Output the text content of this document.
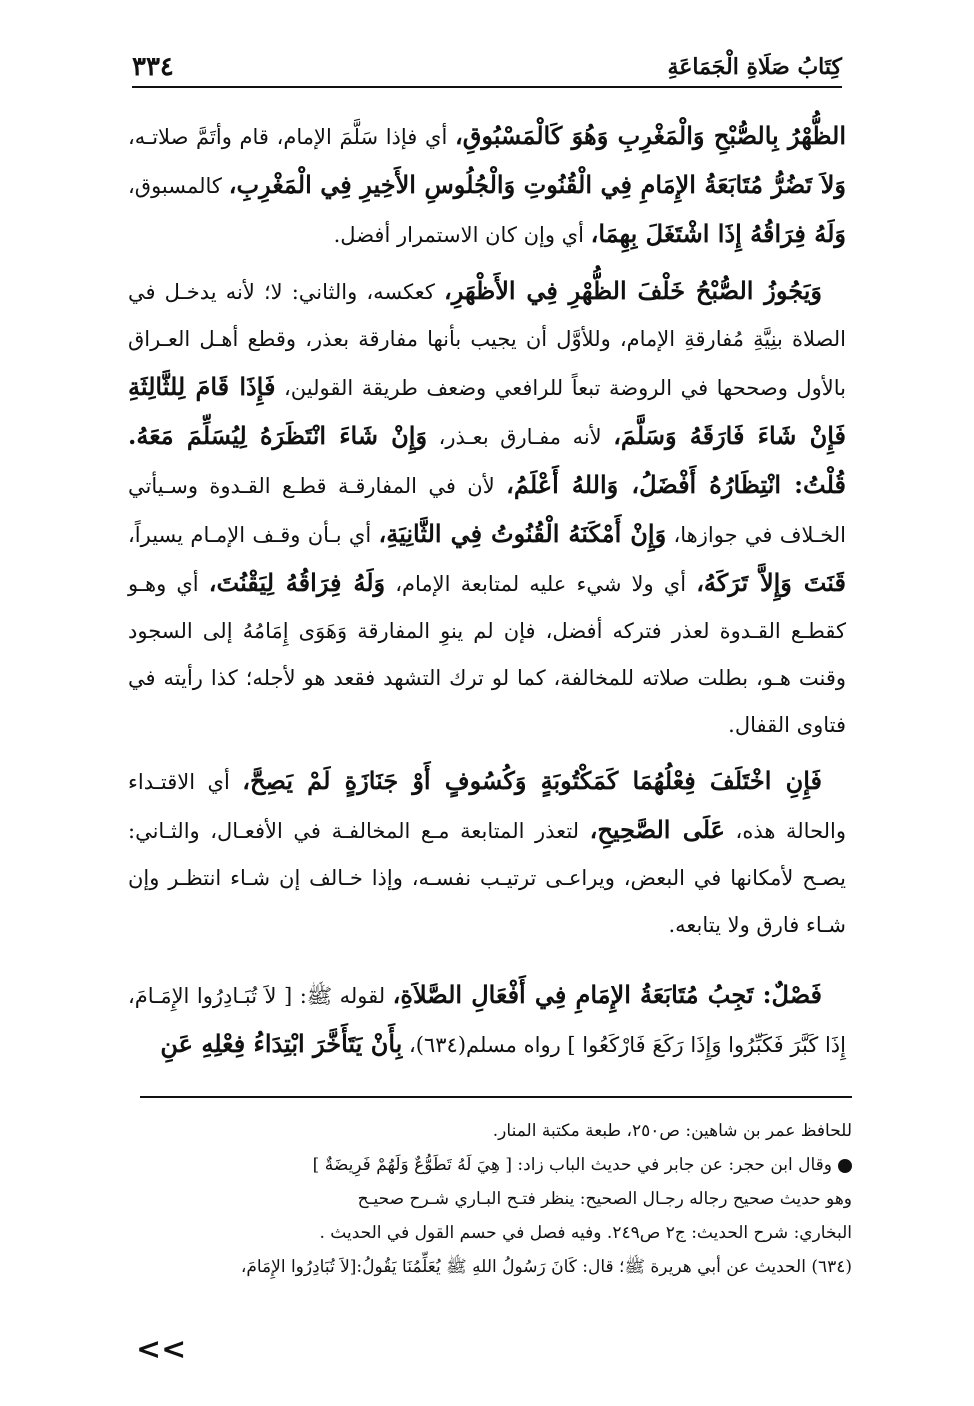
كِتَابُ صَلَاةِ الْجَمَاعَةِ
٣٣٤

الظُّهْرُ بِالصُّبْحِ وَالْمَغْرِبِ وَهُوَ كَالْمَسْبُوقِ، أي فإذا سَلَّمَ الإمام، قام وأتَمَّ صلاتـه، وَلاَ تَضُرُّ مُتَابَعَةُ الإِمَامِ فِي الْقُنُوتِ وَالْجُلُوسِ الأَخِيرِ فِي الْمَغْرِبِ، كالمسبوق، وَلَهُ فِرَاقُهُ إِذَا اشْتَغَلَ بِهِمَا، أي وإن كان الاستمرار أفضل.

وَيَجُوزُ الصُّبْحُ خَلْفَ الظُّهْرِ فِي الأَظْهَرِ، كعكسه، والثاني: لا؛ لأنه يدخـل في الصلاة بنِيَّةِ مُفارقةِ الإمام، وللأوَّل أن يجيب بأنها مفارقة بعذر، وقطع أهـل العـراق بالأول وصححها في الروضة تبعاً للرافعي وضعف طريقة القولين، فَإِذَا قَامَ لِلثَّالِثَةِ فَإِنْ شَاءَ فَارَقَهُ وَسَلَّمَ، لأنه مفـارق بعـذر، وَإِنْ شَاءَ انْتَظَرَهُ لِيُسَلِّمَ مَعَهُ. قُلْتُ: انْتِظَارُهُ أَفْضَلُ، وَاللهُ أَعْلَمُ، لأن في المفارقـة قطـع القـدوة وسـيأتي الخـلاف في جوازها، وَإِنْ أَمْكَنَهُ الْقُنُوتُ فِي الثَّانِيَةِ، أي بـأن وقـف الإمـام يسيراً، قَنَتَ وَإِلاَّ تَرَكَهُ، أي ولا شيء عليه لمتابعة الإمام، وَلَهُ فِرَاقُهُ لِيَقْنُتَ، أي وهـو كقطـع القـدوة لعذر فتركه أفضل، فإن لم ينوِ المفارقة وَهَوَى إِمَامُهُ إلى السجود وقنت هـو، بطلت صلاته للمخالفة، كما لو ترك التشهد فقعد هو لأجله؛ كذا رأيته في فتاوى القفال.

فَإِنِ اخْتَلَفَ فِعْلُهُمَا كَمَكْتُوبَةٍ وَكُسُوفٍ أَوْ جَنَازَةٍ لَمْ يَصِحَّ، أي الاقتـداء والحالة هذه، عَلَى الصَّحِيحِ، لتعذر المتابعة مـع المخالفـة في الأفعـال، والثـاني: يصـح لأمكانها في البعض، ويراعـى ترتيـب نفسـه، وإذا خـالف إن شـاء انتظـر وإن شـاء فارق ولا يتابعه.

فَصْلٌ: تَجِبُ مُتَابَعَةُ الإِمَامِ فِي أَفْعَالِ الصَّلاَةِ، لقوله ﷺ: [ لاَ تُبَـادِرُوا الإِمَـامَ، إِذَا كَبَّرَ فَكَبِّرُوا وَإِذَا رَكَعَ فَارْكَعُوا ] رواه مسلم(٦٣٤)، بِأَنْ يَتَأَخَّرَ ابْتِدَاءُ فِعْلِهِ عَنِ

للحافظ عمر بن شاهين: ص٢٥٠، طبعة مكتبة المنار.

وقال ابن حجر: عن جابر في حديث الباب زاد: [ هِيَ لَهُ تَطَوُّعٌ وَلَهُمْ فَرِيضَةٌ ]

وهو حديث صحيح رجاله رجـال الصحيح: ينظر فتـح البـاري شـرح صحيـح

البخاري: شرح الحديث: ج٢ ص٢٤٩. وفيه فصل في حسم القول في الحديث .

(٦٣٤) الحديث عن أبي هريرة ﷺ؛ قال: كَانَ رَسُولُ اللهِ ﷺ يُعَلِّمُنَا يَقُولُ:[لاَ تُبَادِرُوا الإِمَامَ،

<<
